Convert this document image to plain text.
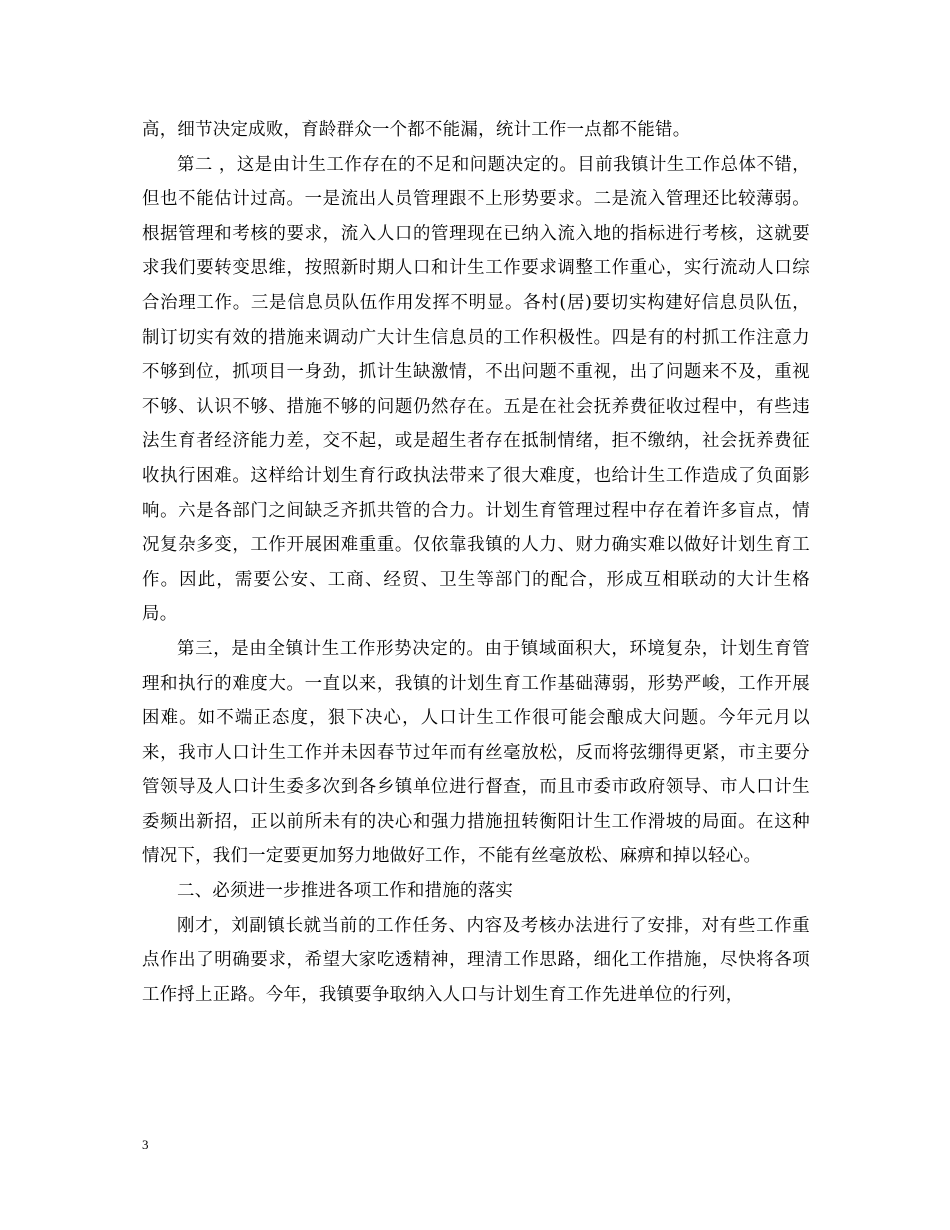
高，细节决定成败，育龄群众一个都不能漏，统计工作一点都不能错。

第二 ，这是由计生工作存在的不足和问题决定的。目前我镇计生工作总体不错，但也不能估计过高。一是流出人员管理跟不上形势要求。二是流入管理还比较薄弱。根据管理和考核的要求，流入人口的管理现在已纳入流入地的指标进行考核，这就要求我们要转变思维，按照新时期人口和计生工作要求调整工作重心，实行流动人口综合治理工作。三是信息员队伍作用发挥不明显。各村(居)要切实构建好信息员队伍，制订切实有效的措施来调动广大计生信息员的工作积极性。四是有的村抓工作注意力不够到位，抓项目一身劲，抓计生缺激情，不出问题不重视，出了问题来不及，重视不够、认识不够、措施不够的问题仍然存在。五是在社会抚养费征收过程中，有些违法生育者经济能力差，交不起，或是超生者存在抵制情绪，拒不缴纳，社会抚养费征收执行困难。这样给计划生育行政执法带来了很大难度，也给计生工作造成了负面影响。六是各部门之间缺乏齐抓共管的合力。计划生育管理过程中存在着许多盲点，情况复杂多变，工作开展困难重重。仅依靠我镇的人力、财力确实难以做好计划生育工作。因此，需要公安、工商、经贸、卫生等部门的配合，形成互相联动的大计生格局。

第三，是由全镇计生工作形势决定的。由于镇域面积大，环境复杂，计划生育管理和执行的难度大。一直以来，我镇的计划生育工作基础薄弱，形势严峻，工作开展困难。如不端正态度，狠下决心，人口计生工作很可能会酿成大问题。今年元月以来，我市人口计生工作并未因春节过年而有丝毫放松，反而将弦绷得更紧，市主要分管领导及人口计生委多次到各乡镇单位进行督查，而且市委市政府领导、市人口计生委频出新招，正以前所未有的决心和强力措施扭转衡阳计生工作滑坡的局面。在这种情况下，我们一定要更加努力地做好工作，不能有丝毫放松、麻痹和掉以轻心。

二、必须进一步推进各项工作和措施的落实

刚才，刘副镇长就当前的工作任务、内容及考核办法进行了安排，对有些工作重点作出了明确要求，希望大家吃透精神，理清工作思路，细化工作措施，尽快将各项工作捋上正路。今年，我镇要争取纳入人口与计划生育工作先进单位的行列，

3
